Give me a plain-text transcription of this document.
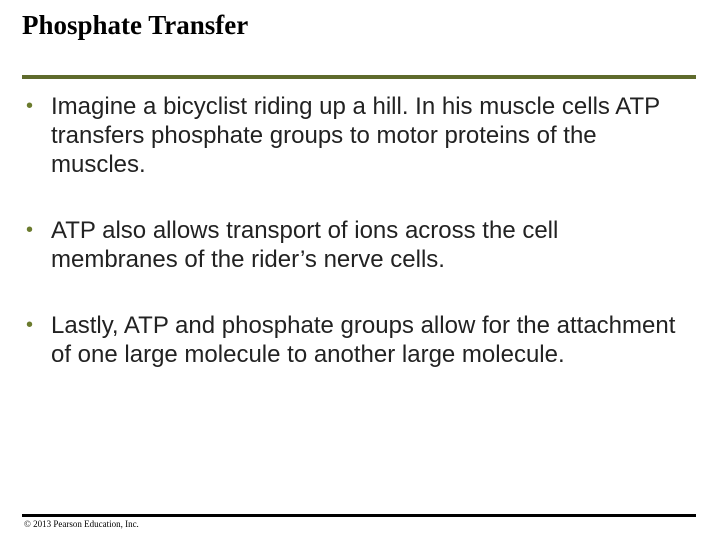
Phosphate Transfer
• Imagine a bicyclist riding up a hill. In his muscle cells ATP transfers phosphate groups to motor proteins of the muscles.
• ATP also allows transport of ions across the cell membranes of the rider’s nerve cells.
• Lastly, ATP and phosphate groups allow for the attachment of one large molecule to another large molecule.
© 2013 Pearson Education, Inc.
